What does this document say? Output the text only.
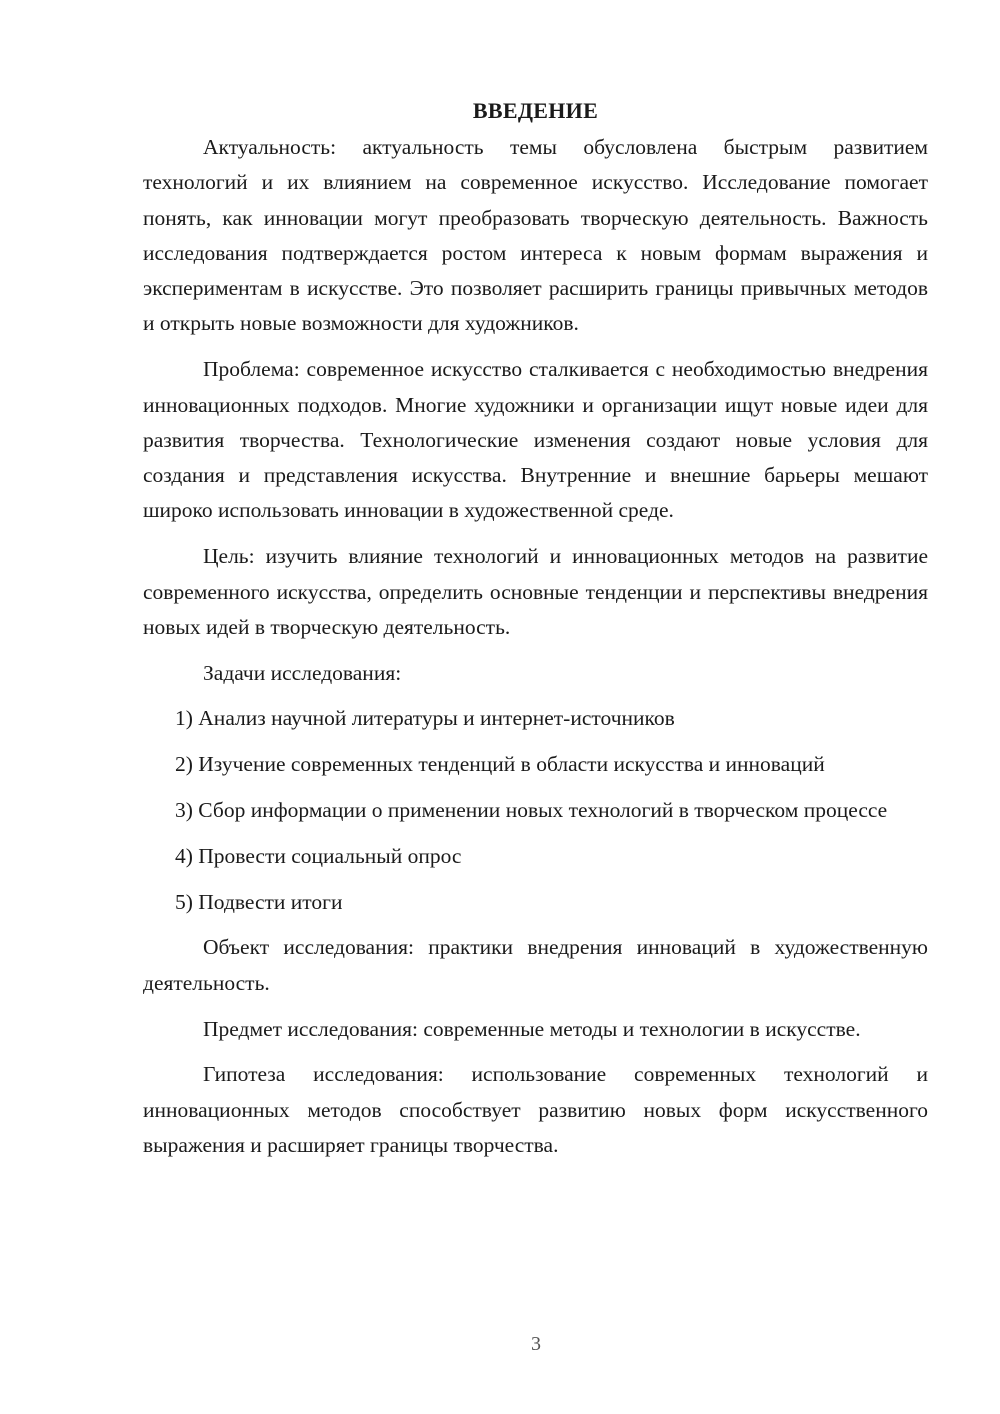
ВВЕДЕНИЕ

Актуальность: актуальность темы обусловлена быстрым развитием технологий и их влиянием на современное искусство. Исследование помогает понять, как инновации могут преобразовать творческую деятельность. Важность исследования подтверждается ростом интереса к новым формам выражения и экспериментам в искусстве. Это позволяет расширить границы привычных методов и открыть новые возможности для художников.

Проблема: современное искусство сталкивается с необходимостью внедрения инновационных подходов. Многие художники и организации ищут новые идеи для развития творчества. Технологические изменения создают новые условия для создания и представления искусства. Внутренние и внешние барьеры мешают широко использовать инновации в художественной среде.

Цель: изучить влияние технологий и инновационных методов на развитие современного искусства, определить основные тенденции и перспективы внедрения новых идей в творческую деятельность.

Задачи исследования:

1) Анализ научной литературы и интернет-источников

2) Изучение современных тенденций в области искусства и инноваций

3) Сбор информации о применении новых технологий в творческом процессе

4) Провести социальный опрос

5) Подвести итоги

Объект исследования: практики внедрения инноваций в художественную деятельность.

Предмет исследования: современные методы и технологии в искусстве.

Гипотеза исследования: использование современных технологий и инновационных методов способствует развитию новых форм искусственного выражения и расширяет границы творчества.

3
